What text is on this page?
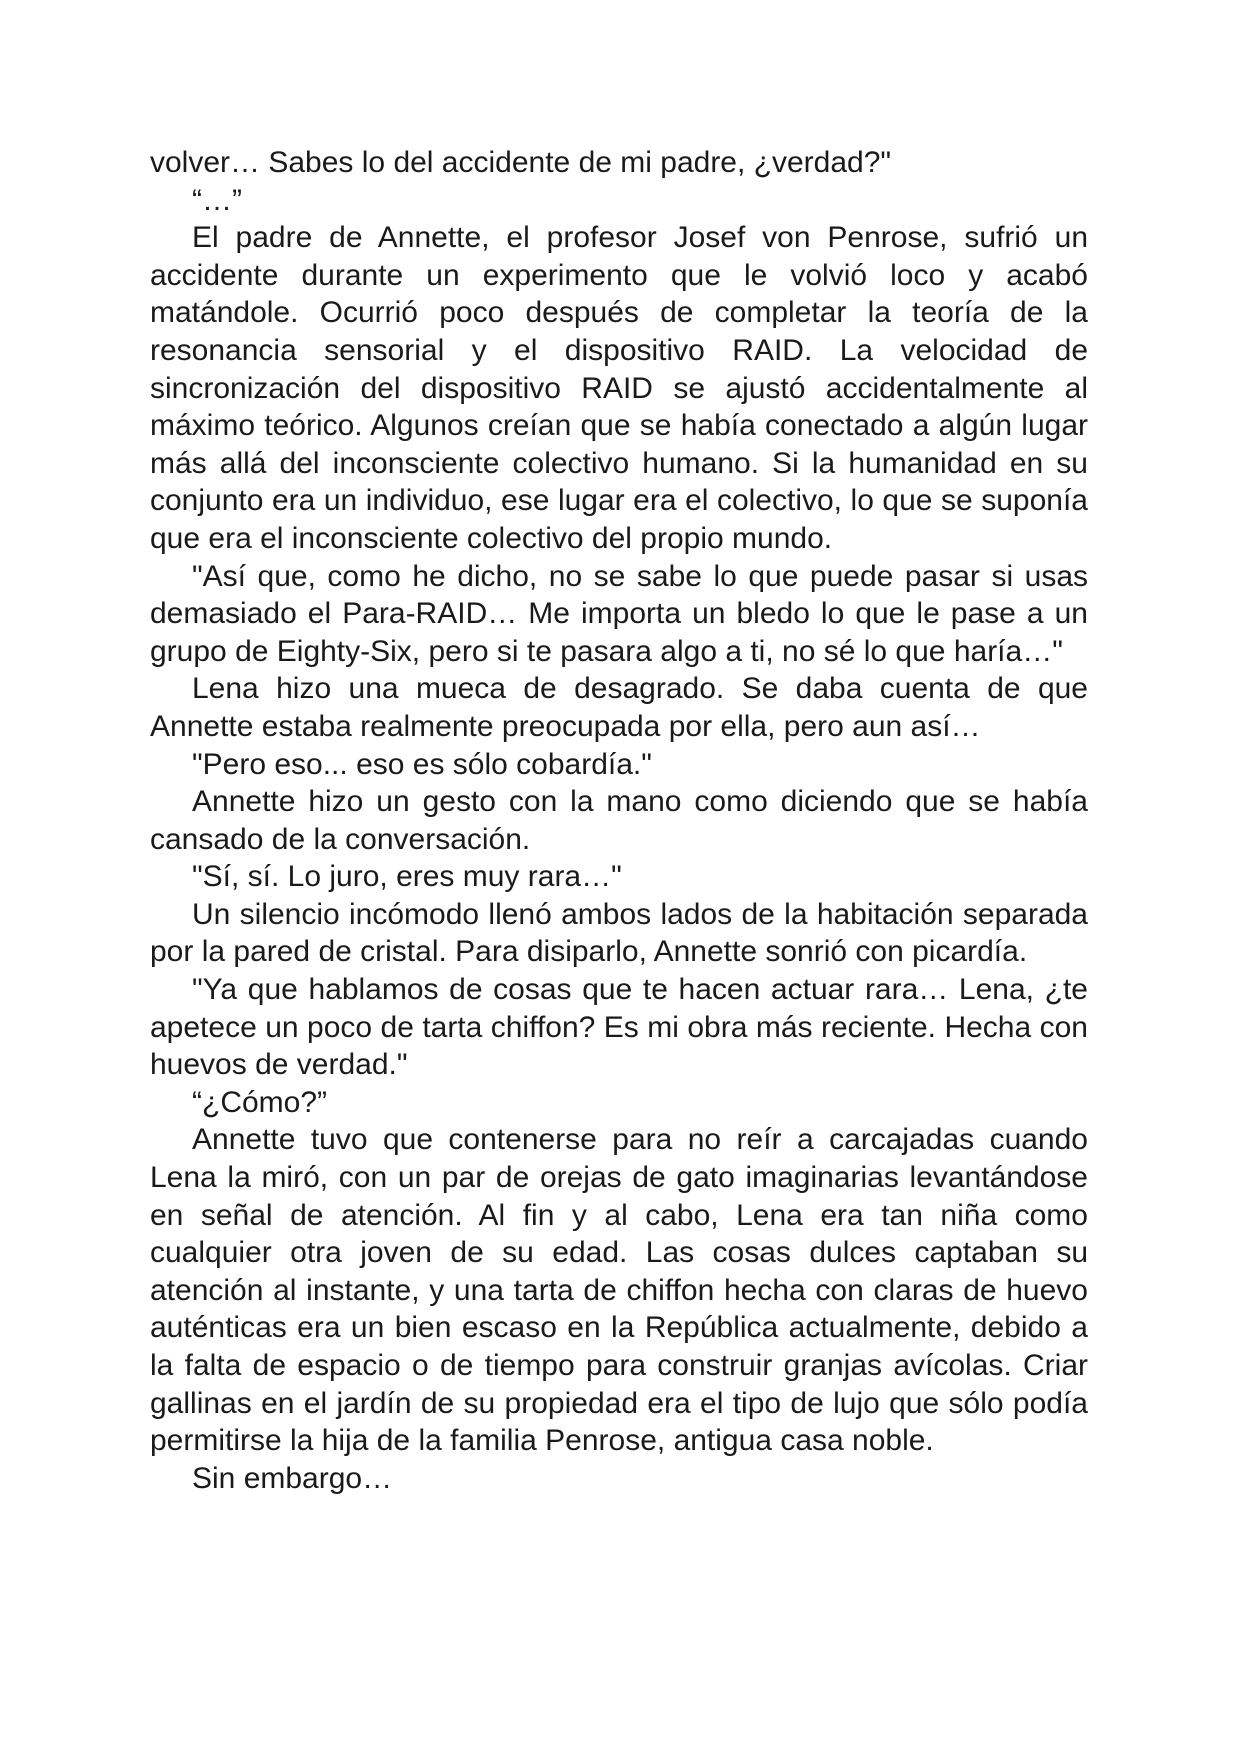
volver… Sabes lo del accidente de mi padre, ¿verdad?"

“…”

El padre de Annette, el profesor Josef von Penrose, sufrió un accidente durante un experimento que le volvió loco y acabó matándole. Ocurrió poco después de completar la teoría de la resonancia sensorial y el dispositivo RAID. La velocidad de sincronización del dispositivo RAID se ajustó accidentalmente al máximo teórico. Algunos creían que se había conectado a algún lugar más allá del inconsciente colectivo humano. Si la humanidad en su conjunto era un individuo, ese lugar era el colectivo, lo que se suponía que era el inconsciente colectivo del propio mundo.

"Así que, como he dicho, no se sabe lo que puede pasar si usas demasiado el Para-RAID… Me importa un bledo lo que le pase a un grupo de Eighty-Six, pero si te pasara algo a ti, no sé lo que haría…"

Lena hizo una mueca de desagrado. Se daba cuenta de que Annette estaba realmente preocupada por ella, pero aun así…

"Pero eso... eso es sólo cobardía."

Annette hizo un gesto con la mano como diciendo que se había cansado de la conversación.

"Sí, sí. Lo juro, eres muy rara…"

Un silencio incómodo llenó ambos lados de la habitación separada por la pared de cristal. Para disiparlo, Annette sonrió con picardía.

"Ya que hablamos de cosas que te hacen actuar rara… Lena, ¿te apetece un poco de tarta chiffon? Es mi obra más reciente. Hecha con huevos de verdad."

“¿Cómo?”

Annette tuvo que contenerse para no reír a carcajadas cuando Lena la miró, con un par de orejas de gato imaginarias levantándose en señal de atención. Al fin y al cabo, Lena era tan niña como cualquier otra joven de su edad. Las cosas dulces captaban su atención al instante, y una tarta de chiffon hecha con claras de huevo auténticas era un bien escaso en la República actualmente, debido a la falta de espacio o de tiempo para construir granjas avícolas. Criar gallinas en el jardín de su propiedad era el tipo de lujo que sólo podía permitirse la hija de la familia Penrose, antigua casa noble.

Sin embargo…
